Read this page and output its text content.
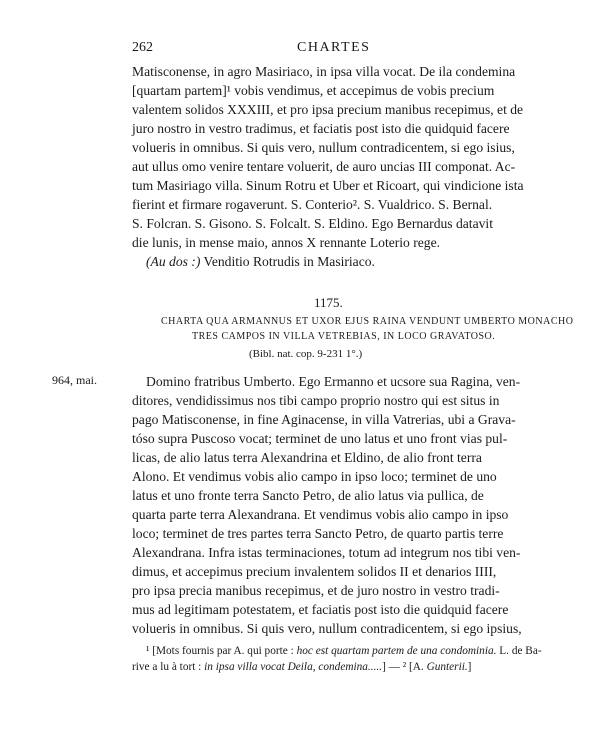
262	CHARTES
Matisconense, in agro Masiriaco, in ipsa villa vocat. De ila condemina
[quartam partem]¹ vobis vendimus, et accepimus de vobis precium
valentem solidos XXXIII, et pro ipsa precium manibus recepimus, et de
juro nostro in vestro tradimus, et faciatis post isto die quidquid facere
volueris in omnibus. Si quis vero, nullum contradicentem, si ego isius,
aut ullus omo venire tentare voluerit, de auro uncias III componat. Ac-
tum Masiriago villa. Sinum Rotru et Uber et Ricoart, qui vindicione ista
fierint et firmare rogaverunt. S. Conterio². S. Vualdrico. S. Bernal.
S. Folcran. S. Gisono. S. Folcalt. S. Eldino. Ego Bernardus datavit
die lunis, in mense maio, annos X rennante Loterio rege.
(Au dos :) Venditio Rotrudis in Masiriaco.
1175.
CHARTA QUA ARMANNUS ET UXOR EJUS RAINA VENDUNT UMBERTO MONACHO
TRES CAMPOS IN VILLA VETREBIAS, IN LOCO GRAVATOSO.
(Bibl. nat. cop. 9-231 1°.)
964, mai.	Domino fratribus Umberto. Ego Ermanno et ucsore sua Ragina, ven-
ditores, vendidissimus nos tibi campo proprio nostro qui est situs in
pago Matisconense, in fine Aginacense, in villa Vatrerias, ubi a Grava-
tóso supra Puscoso vocat; terminet de uno latus et uno front vias pul-
licas, de alio latus terra Alexandrina et Eldino, de alio front terra
Alono. Et vendimus vobis alio campo in ipso loco; terminet de uno
latus et uno fronte terra Sancto Petro, de alio latus via pullica, de
quarta parte terra Alexandrana. Et vendimus vobis alio campo in ipso
loco; terminet de tres partes terra Sancto Petro, de quarto partis terre
Alexandrana. Infra istas terminaciones, totum ad integrum nos tibi ven-
dimus, et accepimus precium invalentem solidos II et denarios IIII,
pro ipsa precia manibus recepimus, et de juro nostro in vestro tradi-
mus ad legitimam potestatem, et faciatis post isto die quidquid facere
volueris in omnibus. Si quis vero, nullum contradicentem, si ego ipsius,
¹ [Mots fournis par A. qui porte : hoc est quartam partem de una condominia. L. de Ba-
rive a lu à tort : in ipsa villa vocat Deila, condemina.....] — ² [A. Gunterii.]
